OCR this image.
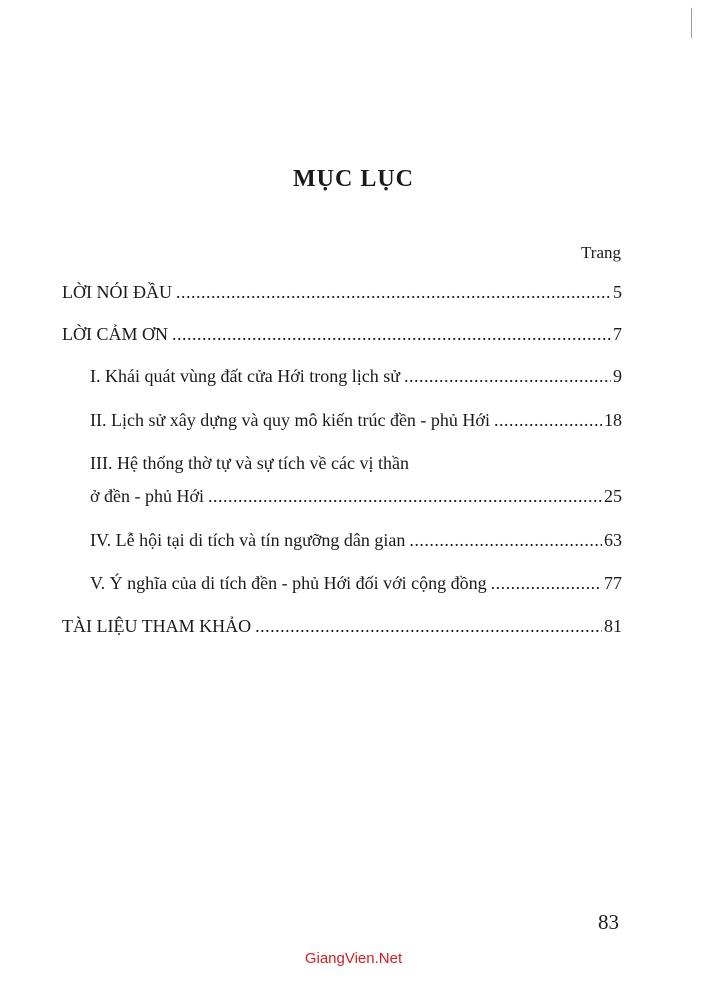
MỤC LỤC
Trang
LỜI NÓI ĐẦU .....	5
LỜI CẢM ƠN .....	7
I. Khái quát vùng đất cửa Hới trong lịch sử .....	9
II. Lịch sử xây dựng và quy mô kiến trúc đền - phủ Hới .....	18
III. Hệ thống thờ tự và sự tích về các vị thần
ở đền - phủ Hới .....	25
IV. Lễ hội tại di tích và tín ngưỡng dân gian .....	63
V. Ý nghĩa của di tích đền - phủ Hới đối với cộng đồng .....	77
TÀI LIỆU THAM KHẢO .....	81
83
GiangVien.Net
